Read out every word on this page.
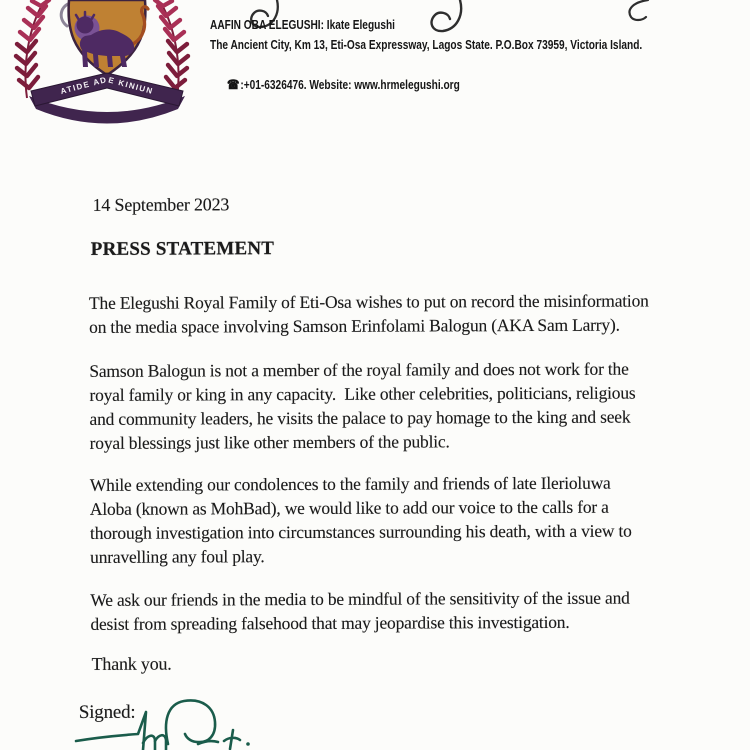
ATIDE ADE KINIUN
AAFIN OBA ELEGUSHI: Ikate Elegushi
The Ancient City, Km 13, Eti-Osa Expressway, Lagos State. P.O.Box 73959, Victoria Island.

☎:+01-6326476. Website: www.hrmelegushi.org

14 September 2023
PRESS STATEMENT
The Elegushi Royal Family of Eti-Osa wishes to put on record the misinformation
on the media space involving Samson Erinfolami Balogun (AKA Sam Larry).
Samson Balogun is not a member of the royal family and does not work for the
royal family or king in any capacity.  Like other celebrities, politicians, religious
and community leaders, he visits the palace to pay homage to the king and seek
royal blessings just like other members of the public.
While extending our condolences to the family and friends of late Ilerioluwa
Aloba (known as MohBad), we would like to add our voice to the calls for a
thorough investigation into circumstances surrounding his death, with a view to
unravelling any foul play.
We ask our friends in the media to be mindful of the sensitivity of the issue and
desist from spreading falsehood that may jeopardise this investigation.
Thank you.
Signed:
